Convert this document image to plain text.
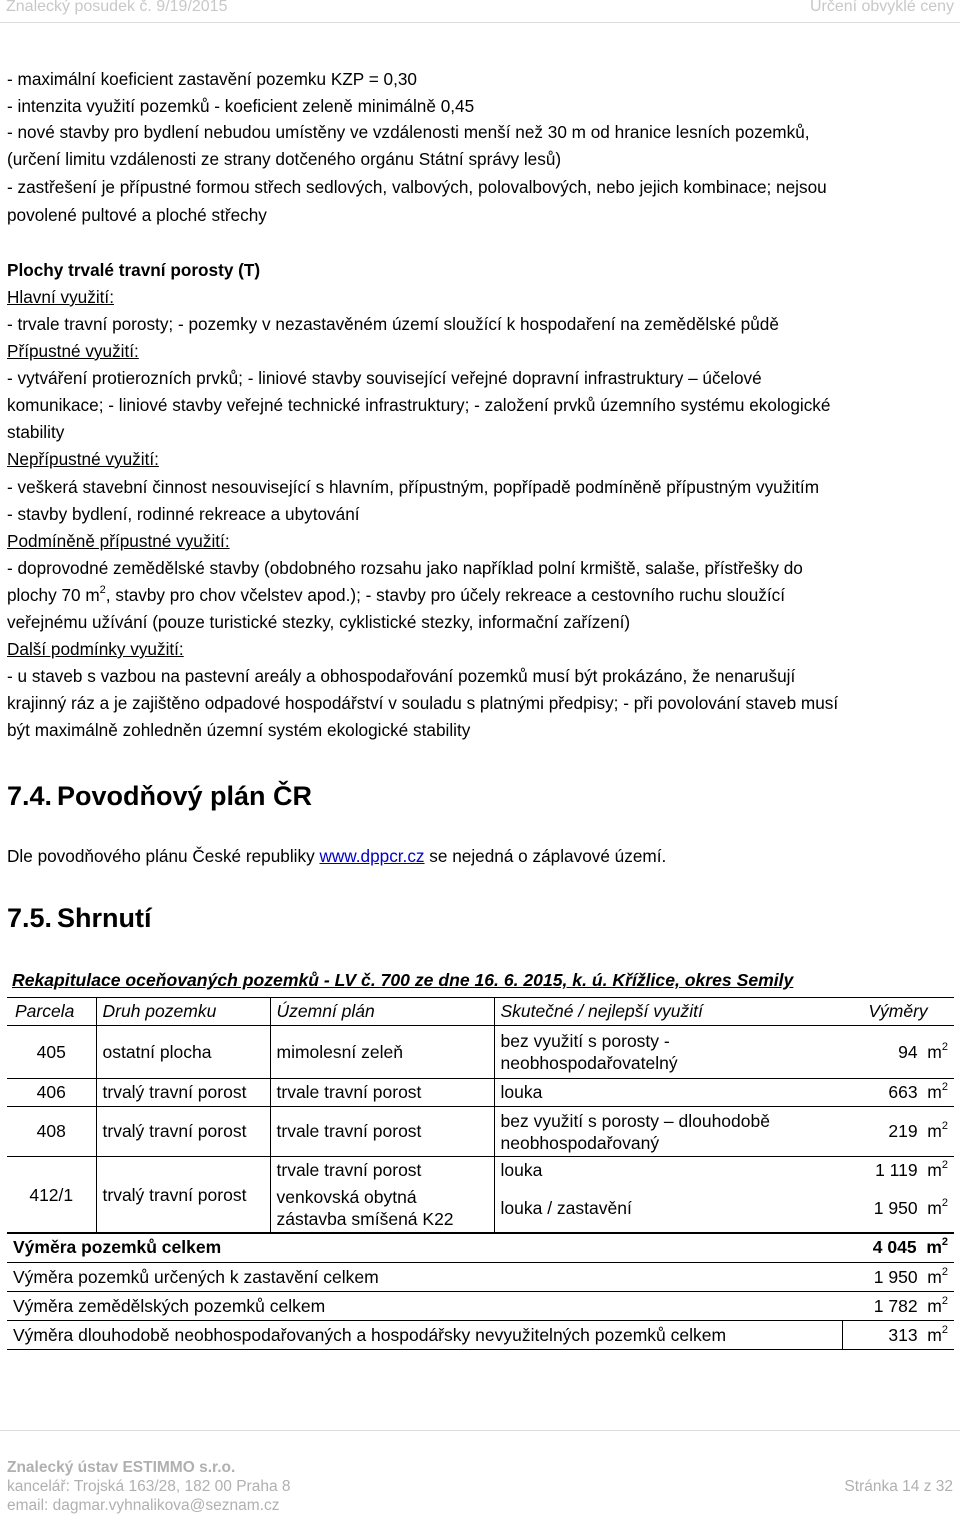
Znalecký posudek č. 9/19/2015	Určení obvyklé ceny
- maximální koeficient zastavění pozemku KZP = 0,30
- intenzita využití pozemků - koeficient zeleně minimálně 0,45
- nové stavby pro bydlení nebudou umístěny ve vzdálenosti menší než 30 m od hranice lesních pozemků,
(určení limitu vzdálenosti ze strany dotčeného orgánu Státní správy lesů)
- zastřešení je přípustné formou střech sedlových, valbových, polovalbových, nebo jejich kombinace; nejsou
povolené pultové a ploché střechy
Plochy trvalé travní porosty (T)
Hlavní využití:
- trvale travní porosty; - pozemky v nezastavěném území sloužící k hospodaření na zemědělské půdě
Přípustné využití:
- vytváření protierozních prvků; - liniové stavby související veřejné dopravní infrastruktury – účelové
komunikace; - liniové stavby veřejné technické infrastruktury; - založení prvků územního systému ekologické
stability
Nepřípustné využití:
- veškerá stavební činnost nesouvisející s hlavním, přípustným, popřípadě podmíněně přípustným využitím
- stavby bydlení, rodinné rekreace a ubytování
Podmíněně přípustné využití:
- doprovodné zemědělské stavby (obdobného rozsahu jako například polní krmiště, salaše, přístřešky do
plochy 70 $m^2$, stavby pro chov včelstev apod.); - stavby pro účely rekreace a cestovního ruchu sloužící
veřejnému užívání (pouze turistické stezky, cyklistické stezky, informační zařízení)
Další podmínky využití:
- u staveb s vazbou na pastevní areály a obhospodařování pozemků musí být prokázáno, že nenarušují
krajinný ráz a je zajištěno odpadové hospodářství v souladu s platnými předpisy; - při povolování staveb musí
být maximálně zohledněn územní systém ekologické stability
7.4. Povodňový plán ČR
Dle povodňového plánu České republiky www.dppcr.cz se nejedná o záplavové území.
7.5. Shrnutí
Rekapitulace oceňovaných pozemků - LV č. 700 ze dne 16. 6. 2015, k. ú. Křížlice, okres Semily
Parcela	Druh pozemku	Územní plán	Skutečné / nejlepší využití	Výměry
405	ostatní plocha	mimolesní zeleň	bez využití s porosty -
neobhospodařovatelný	94 $m^2$
406	trvalý travní porost	trvale travní porost	louka	663 $m^2$
408	trvalý travní porost	trvale travní porost	bez využití s porosty – dlouhodobě
neobhospodařovaný	219 $m^2$
412/1	trvalý travní porost	trvale travní porost	louka	1 119 $m^2$

		venkovská obytná
zástavba smíšená K22	louka / zastavění	1 950 $m^2$
Výměra pozemků celkem				4 045 $m^2$
Výměra pozemků určených k zastavění celkem				1 950 $m^2$
Výměra zemědělských pozemků celkem				1 782 $m^2$
Výměra dlouhodobě neobhospodařovaných a hospodářsky nevyužitelných pozemků celkem				313 $m^2$
Znalecký ústav ESTIMMO s.r.o.
kancelář: Trojská 163/28, 182 00 Praha 8
email: dagmar.vyhnalikova@seznam.cz
Stránka 14 z 32
